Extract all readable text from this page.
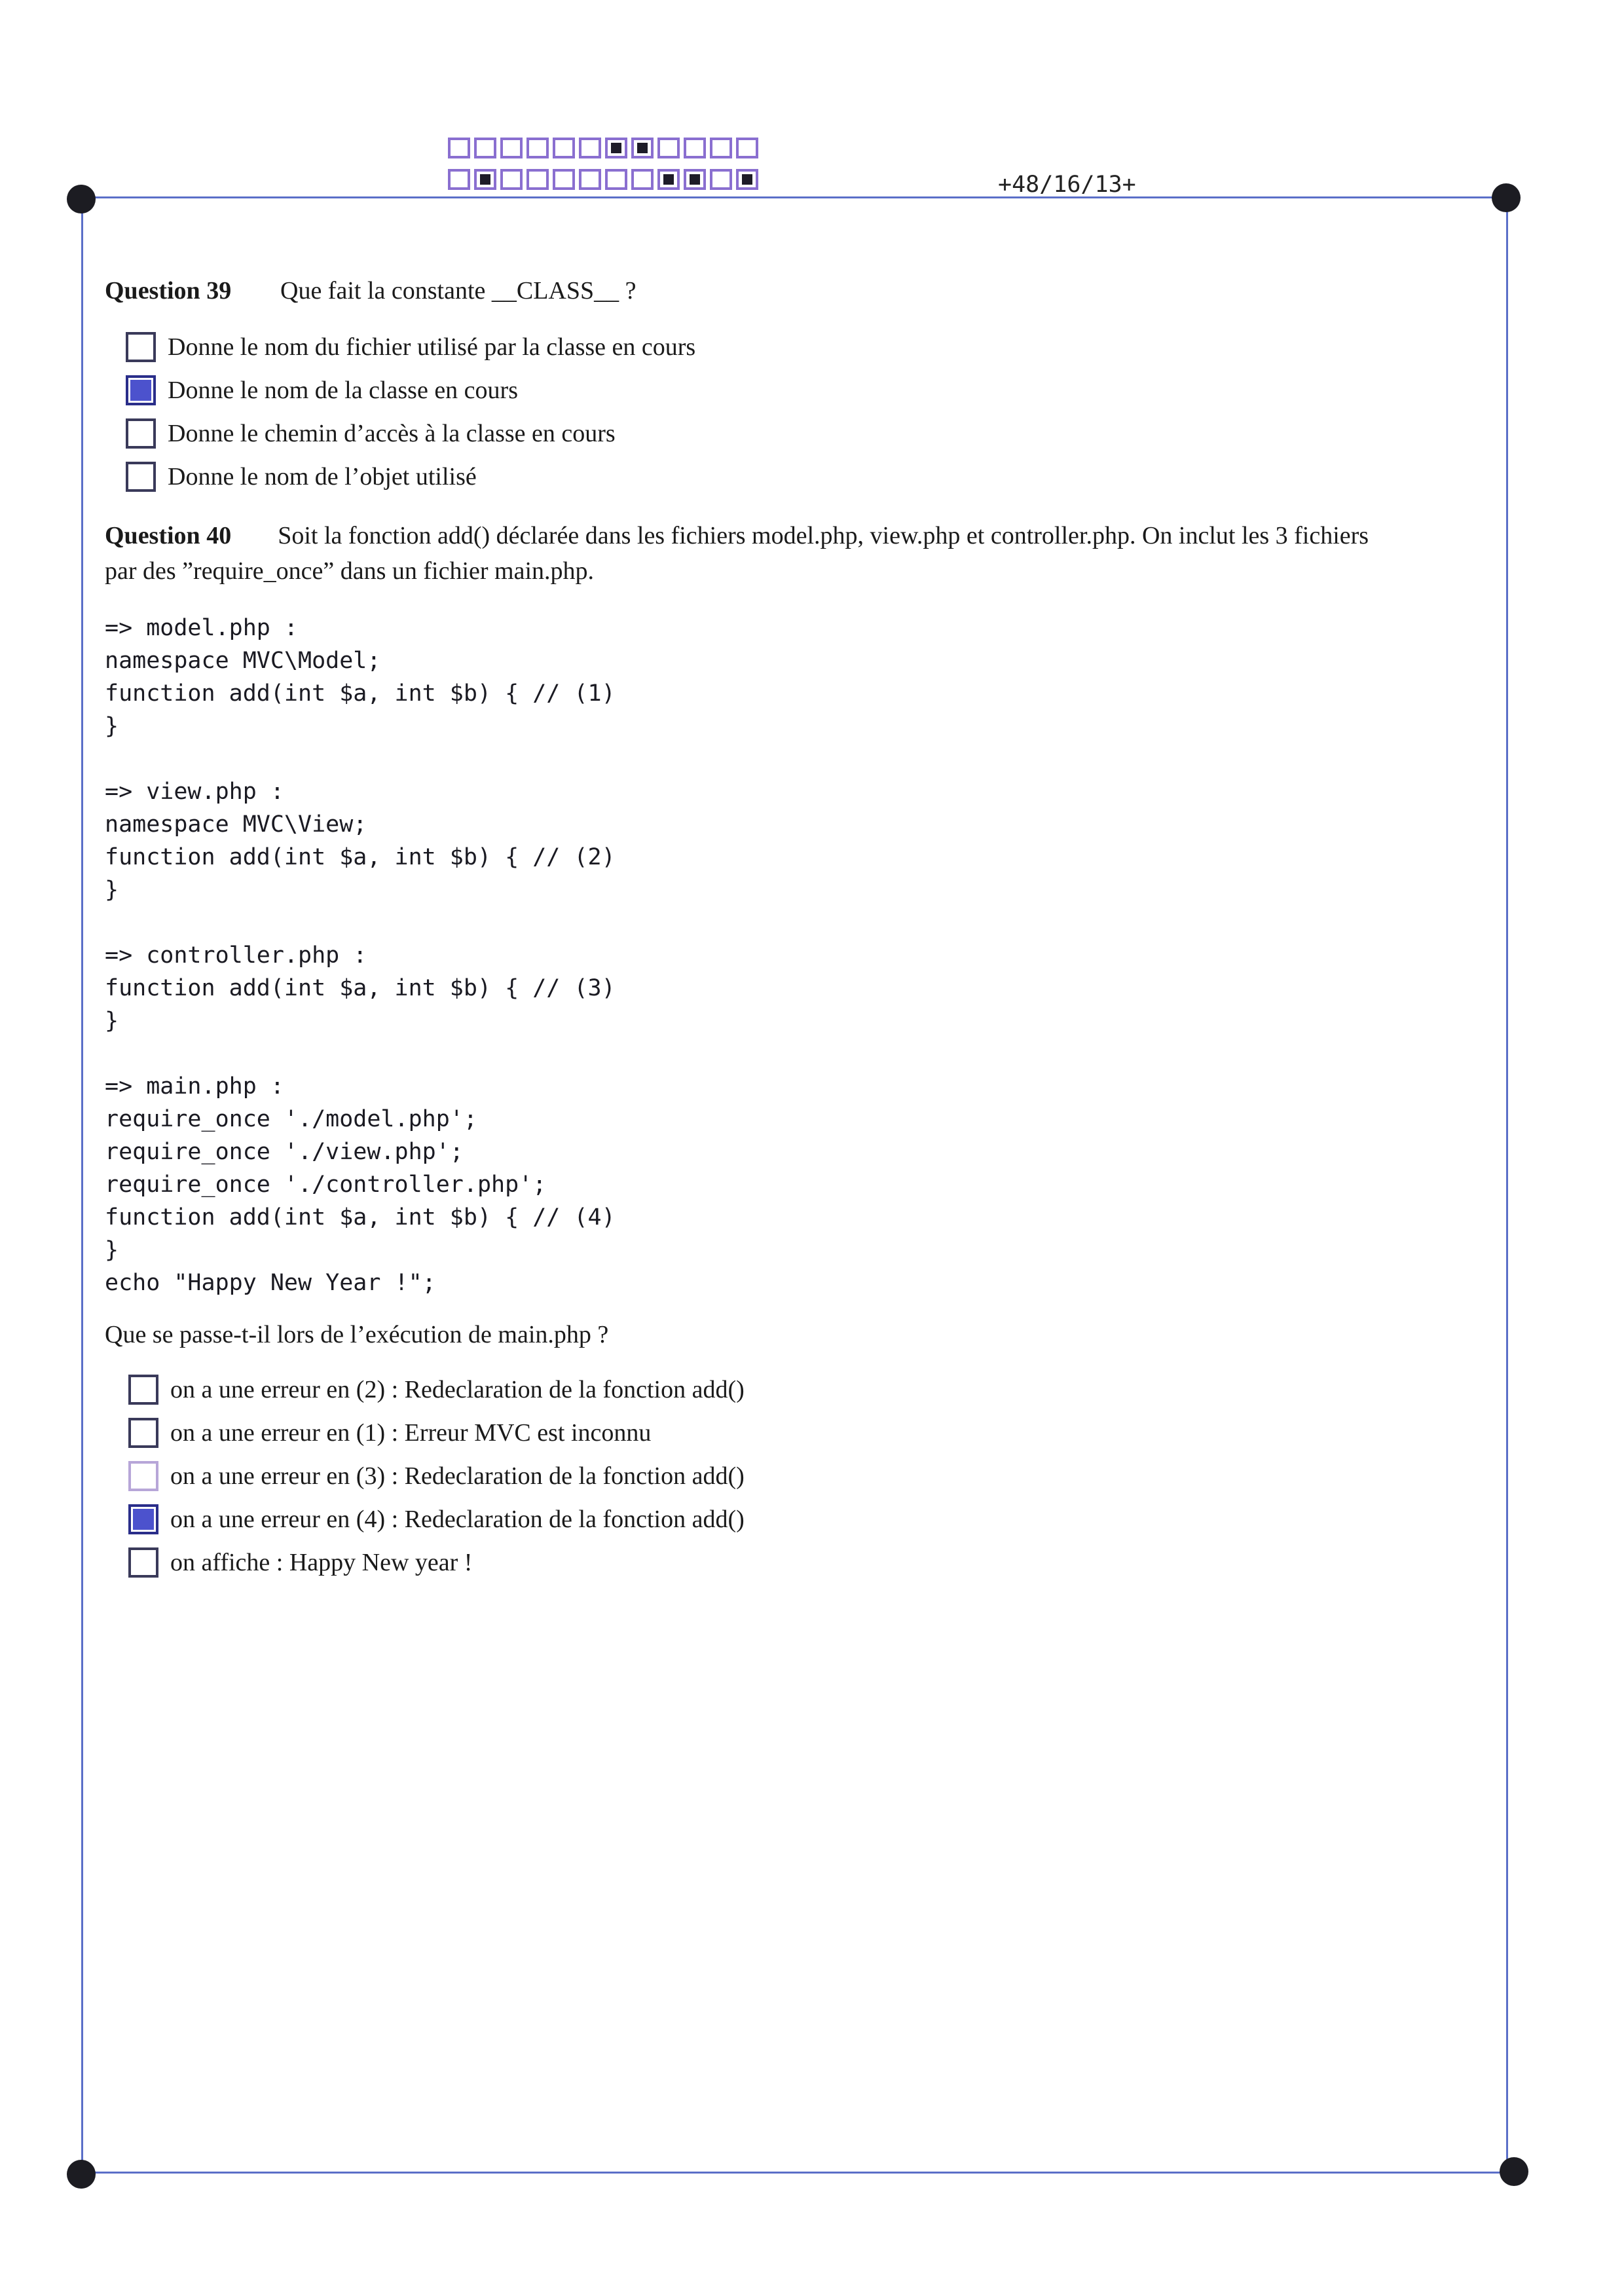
+48/16/13+
Question 39 Que fait la constante __CLASS__ ?
Donne le nom du fichier utilisé par la classe en cours
Donne le nom de la classe en cours
Donne le chemin d’accès à la classe en cours
Donne le nom de l’objet utilisé
Question 40 Soit la fonction add() déclarée dans les fichiers model.php, view.php et controller.php. On inclut les 3 fichiers
par des ”require_once” dans un fichier main.php.
=> model.php :
namespace MVC\Model;
function add(int $a, int $b) { // (1)
}
=> view.php :
namespace MVC\View;
function add(int $a, int $b) { // (2)
}
=> controller.php :
function add(int $a, int $b) { // (3)
}
=> main.php :
require_once './model.php';
require_once './view.php';
require_once './controller.php';
function add(int $a, int $b) { // (4)
}
echo "Happy New Year !";
Que se passe-t-il lors de l’exécution de main.php ?
on a une erreur en (2) : Redeclaration de la fonction add()
on a une erreur en (1) : Erreur MVC est inconnu
on a une erreur en (3) : Redeclaration de la fonction add()
on a une erreur en (4) : Redeclaration de la fonction add()
on affiche : Happy New year !
